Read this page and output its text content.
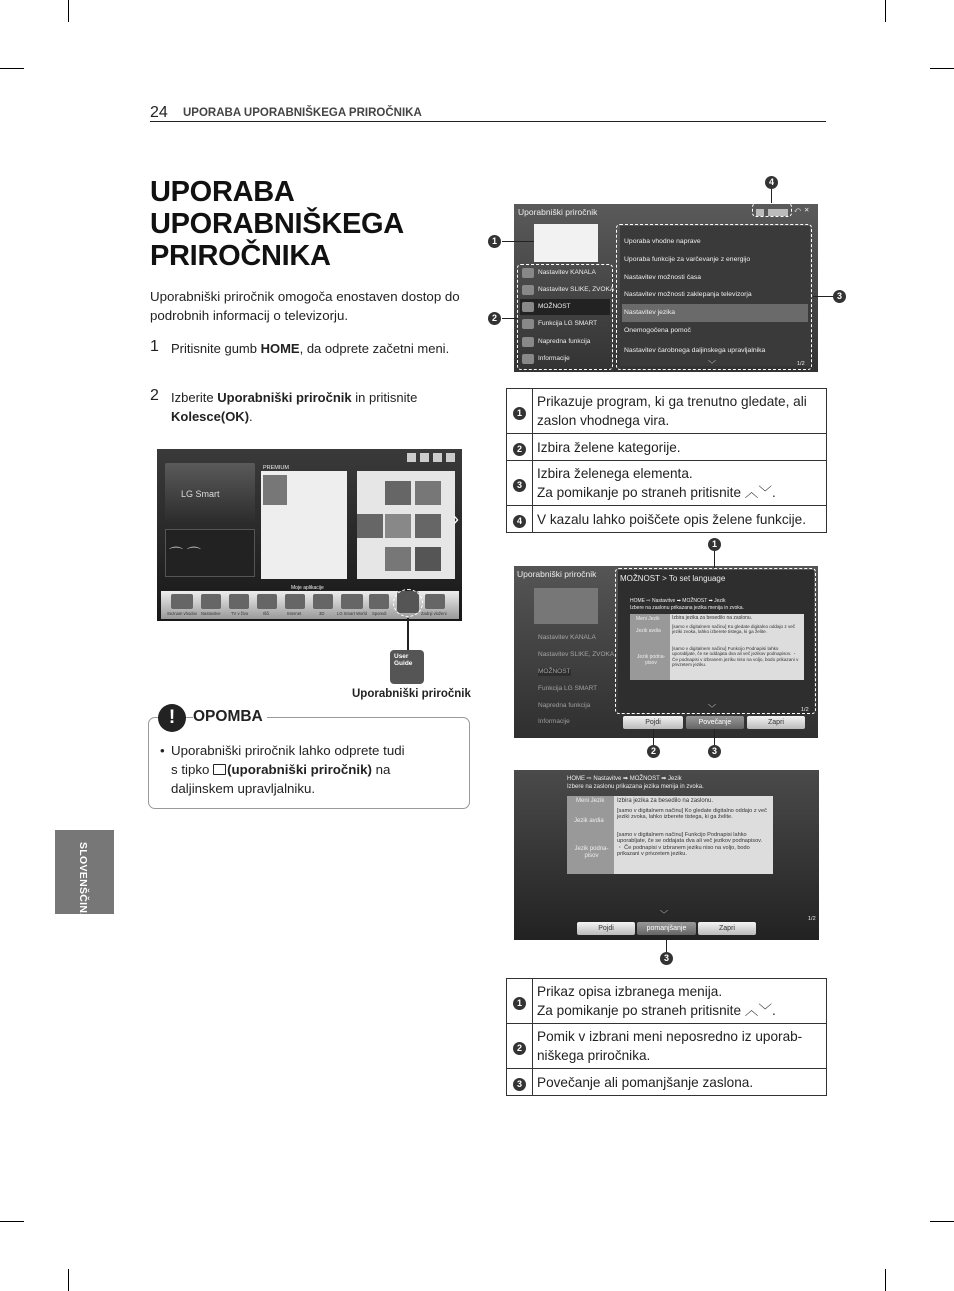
24 UPORABA UPORABNIŠKEGA PRIROČNIKA
UPORABA
UPORABNIŠKEGA
PRIROČNIKA
Uporabniški priročnik omogoča enostaven dostop do podrobnih informacij o televizorju.
1 Pritisnite gumb HOME, da odprete začetni meni.
2 Izberite Uporabniški priročnik in pritisnite Kolesce(OK).
LG Smart
⌒ ⌒
PREMIUM
›
Moje aplikacije
Seznam vhodov Nastavitve TV v živo	Išči	Internet	3D	LG Smart World Sporedi	Zadnji vloženi
User
Guide
Uporabniški priročnik
OPOMBA
!
• Uporabniški priročnik lahko odprete tudi
s tipko (uporabniški priročnik) na
daljinskem upravljalniku.
SLOVENŠČINA
Uporabniški priročnik	⤺ ✕
Nastavitev KANALA
Nastavitev SLIKE, ZVOKA
MOŽNOST
Funkcija LG SMART
Napredna funkcija
Informacije
Uporaba vhodne naprave
Uporaba funkcije za varčevanje z energijo
Nastavitev možnosti časa
Nastavitev možnosti zaklepanja televizorja
Nastavitev jezika
Onemogočena pomoč
Nastavitev čarobnega daljinskega upravljalnika
1/2
﹀
1
2
3
4
1	Prikazuje program, ki ga trenutno gledate, ali zaslon vhodnega vira.
2	Izbira želene kategorije.
3	Izbira želenega elementa.
Za pomikanje po straneh pritisnite ︿﹀.

4	V kazalu lahko poiščete opis želene funkcije.
Uporabniški priročnik
Nastavitev KANALA
Nastavitev SLIKE, ZVOKA
MOŽNOST
Funkcija LG SMART
Napredna funkcija
Informacije
MOŽNOST > To set language
HOME ⇨ Nastavitve ➡ MOŽNOST ➡ Jezik
Izbere na zaslonu prikazana jezika menija in zvoka.
Meni Jezik Izbira jezika za besedilo na zaslonu.
Jezik avdia
[samo v digitalnem načinu] Ko gledate digitalno oddajo z več jeziki zvoka, lahko izberete tistega, ki ga želite.
Jezik podna-pisov
[samo v digitalnem načinu] Funkcijo Podnapisi lahko uporabljate, če se oddajata dva ali več jezikov podnapisov. ・ Če podnapisi v izbranem jeziku niso na voljo, bodo prikazani v privzetem jeziku.
1/2
﹀
Pojdi	Povečanje	Zapri
1
2	3
HOME ⇨ Nastavitve ➡ MOŽNOST ➡ Jezik
Izbere na zaslonu prikazana jezika menija in zvoka.
Meni Jezik Izbira jezika za besedilo na zaslonu.
Jezik avdia
[samo v digitalnem načinu] Ko gledate digitalno oddajo z več jeziki zvoka, lahko izberete tistega, ki ga želite.
Jezik podna-pisov
[samo v digitalnem načinu] Funkcijo Podnapisi lahko uporabljate, če se oddajata dva ali več jezikov podnapisov. ・ Če podnapisi v izbranem jeziku niso na voljo, bodo prikazani v privzetem jeziku.
1/2
﹀
Pojdi	pomanjšanje	Zapri
3
1	Prikaz opisa izbranega menija.
Za pomikanje po straneh pritisnite ︿﹀.

2	Pomik v izbrani meni neposredno iz uporab-
niškega priročnika.

3	Povečanje ali pomanjšanje zaslona.
